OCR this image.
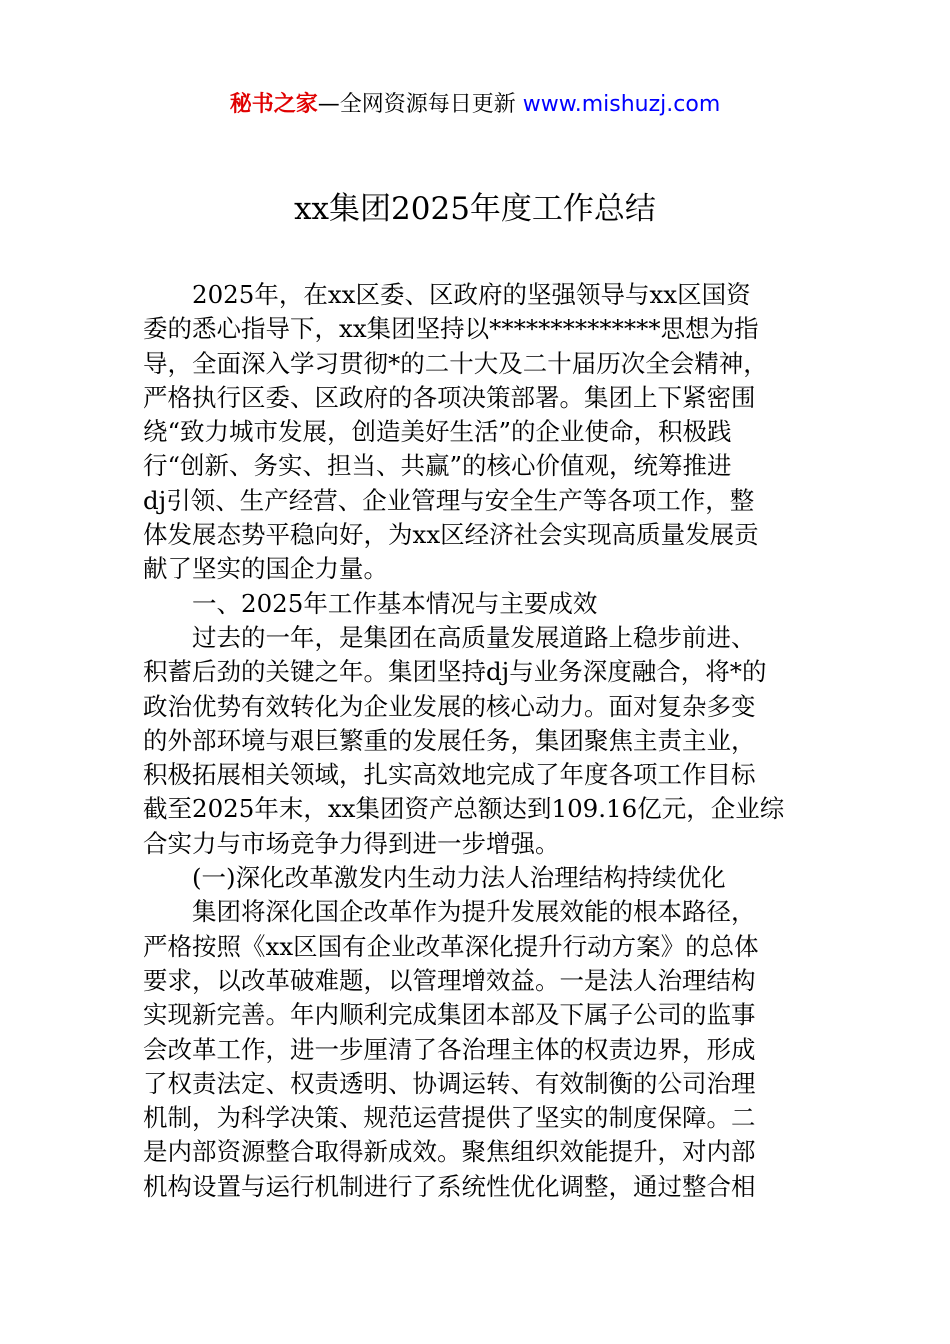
秘书之家—全网资源每日更新 www.mishuzj.com
xx集团2025年度工作总结
2025年，在xx区委、区政府的坚强领导与xx区国资
委的悉心指导下，xx集团坚持以**************思想为指
导，全面深入学习贯彻*的二十大及二十届历次全会精神，
严格执行区委、区政府的各项决策部署。集团上下紧密围
绕“致力城市发展，创造美好生活”的企业使命，积极践
行“创新、务实、担当、共赢”的核心价值观，统筹推进
dj引领、生产经营、企业管理与安全生产等各项工作，整
体发展态势平稳向好，为xx区经济社会实现高质量发展贡
献了坚实的国企力量。
一、2025年工作基本情况与主要成效
过去的一年，是集团在高质量发展道路上稳步前进、
积蓄后劲的关键之年。集团坚持dj与业务深度融合，将*的
政治优势有效转化为企业发展的核心动力。面对复杂多变
的外部环境与艰巨繁重的发展任务，集团聚焦主责主业，
积极拓展相关领域，扎实高效地完成了年度各项工作目标
截至2025年末，xx集团资产总额达到109.16亿元，企业综
合实力与市场竞争力得到进一步增强。
(一)深化改革激发内生动力法人治理结构持续优化
集团将深化国企改革作为提升发展效能的根本路径，
严格按照《xx区国有企业改革深化提升行动方案》的总体
要求，以改革破难题，以管理增效益。一是法人治理结构
实现新完善。年内顺利完成集团本部及下属子公司的监事
会改革工作，进一步厘清了各治理主体的权责边界，形成
了权责法定、权责透明、协调运转、有效制衡的公司治理
机制，为科学决策、规范运营提供了坚实的制度保障。二
是内部资源整合取得新成效。聚焦组织效能提升，对内部
机构设置与运行机制进行了系统性优化调整，通过整合相
